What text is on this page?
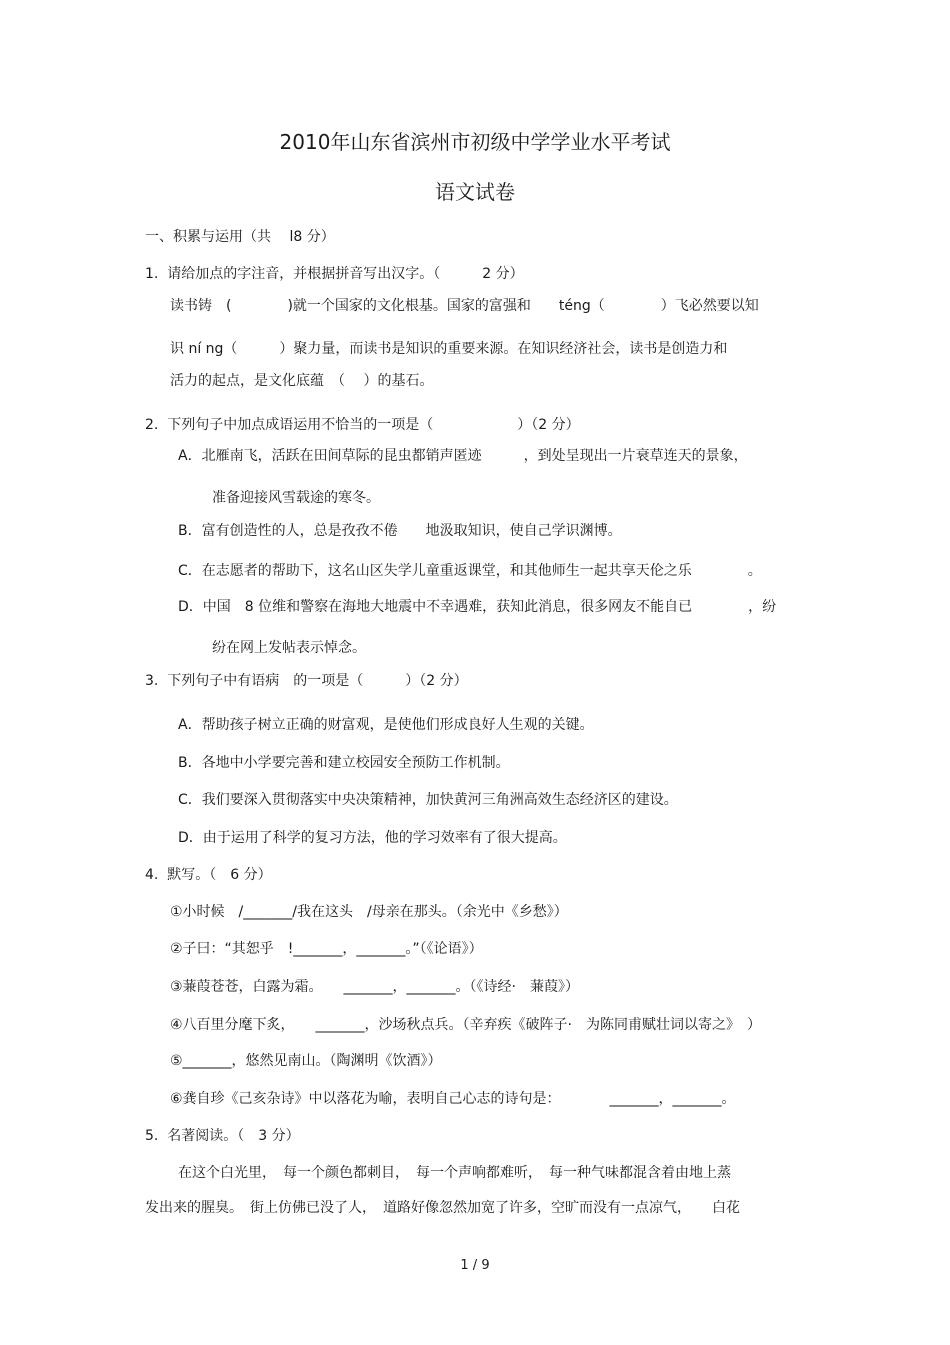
2010年山东省滨州市初级中学学业水平考试
语文试卷
一、积累与运用（共　 l8 分）
1.  请给加点的字注音，并根据拼音写出汉字。（　　　2 分）
读书铸　(　　　　)就一个国家的文化根基。国家的富强和　　téng（　　　　）飞必然要以知
识 ní ng（　　　）聚力量，而读书是知识的重要来源。在知识经济社会，读书是创造力和
活力的起点，是文化底蕴　（　 ）的基石。
2.  下列句子中加点成语运用不恰当的一项是（　　　　　　）（2 分）
A．北雁南飞，活跃在田间草际的昆虫都销声匿迹　　　，到处呈现出一片衰草连天的景象，
准备迎接风雪载途的寒冬。
B．富有创造性的人，总是孜孜不倦　　地汲取知识，使自己学识渊博。
C．在志愿者的帮助下，这名山区失学儿童重返课堂，和其他师生一起共享天伦之乐　　　　。
D．中国　8 位维和警察在海地大地震中不幸遇难，获知此消息，很多网友不能自已　　　　，纷
纷在网上发帖表示悼念。
3.  下列句子中有语病　的一项是（　　　）（2 分）
A．帮助孩子树立正确的财富观，是使他们形成良好人生观的关键。
B．各地中小学要完善和建立校园安全预防工作机制。
C．我们要深入贯彻落实中央决策精神，加快黄河三角洲高效生态经济区的建设。
D．由于运用了科学的复习方法，他的学习效率有了很大提高。
4.  默写。（　6 分）
①小时候　/_______/我在这头　/母亲在那头。（余光中《乡愁》）
②子曰：“其恕乎　!_______，_______。”（《论语》）
③蒹葭苍苍，白露为霜。　　_______，_______。（《诗经·　蒹葭》）
④八百里分麾下炙，　　_______，沙场秋点兵。（辛弃疾《破阵子·　为陈同甫赋壮词以寄之》　）
⑤_______，悠然见南山。（陶渊明《饮酒》）
⑥龚自珍《己亥杂诗》中以落花为喻，表明自己心志的诗句是：　　　　_______，_______。
5.  名著阅读。（　3 分）
在这个白光里，　每一个颜色都刺目，　每一个声响都难听，　每一种气味都混含着由地上蒸
发出来的腥臭。　街上仿佛已没了人，　道路好像忽然加宽了许多，空旷而没有一点凉气，　　白花
1 / 9
